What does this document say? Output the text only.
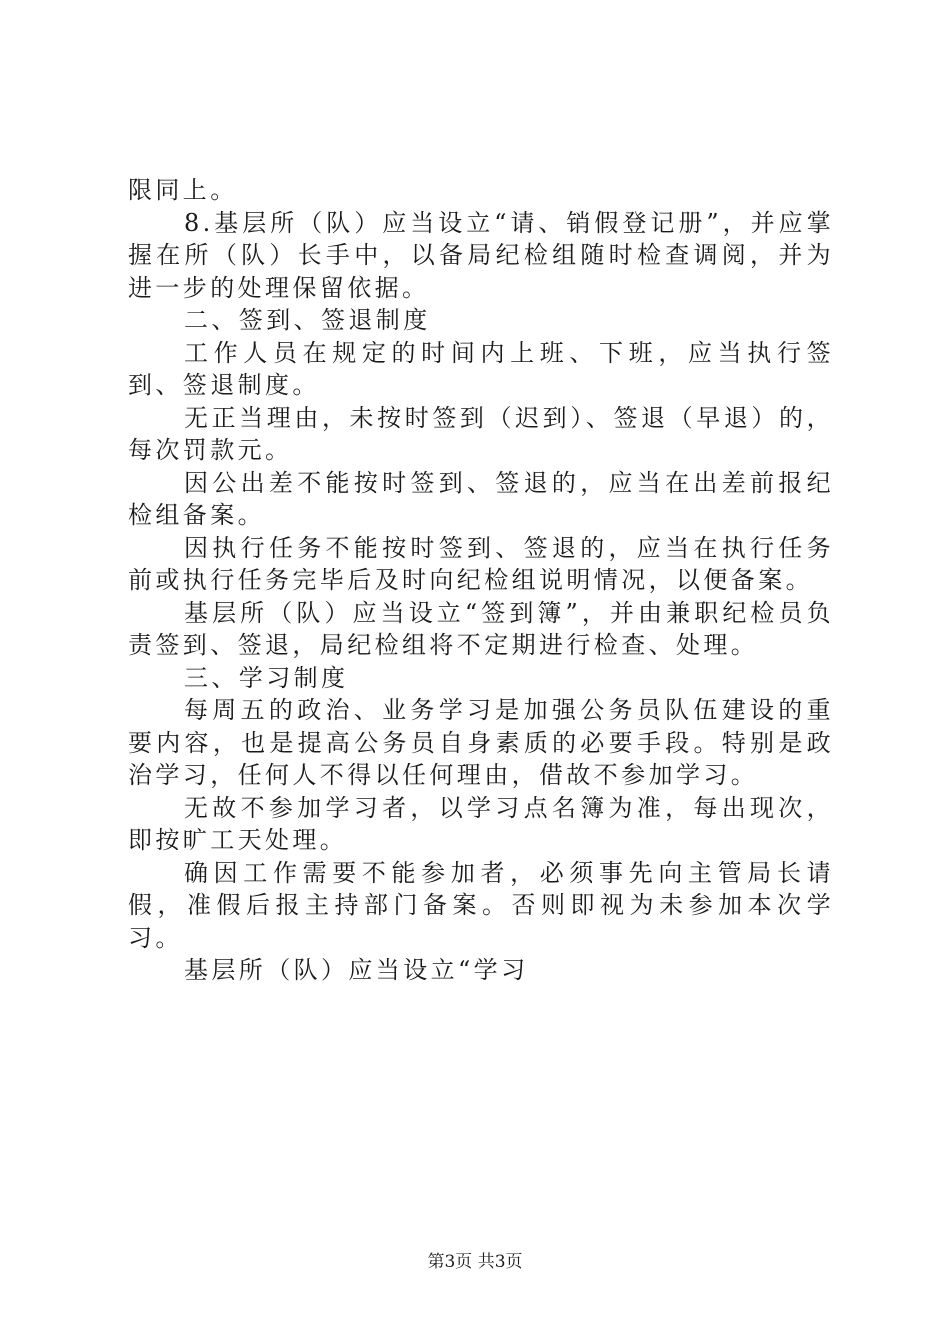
限同上。

8.基层所（队）应当设立“请、销假登记册”，并应掌握在所（队）长手中，以备局纪检组随时检查调阅，并为进一步的处理保留依据。

二、签到、签退制度

工作人员在规定的时间内上班、下班，应当执行签到、签退制度。

无正当理由，未按时签到（迟到）、签退（早退）的，每次罚款元。

因公出差不能按时签到、签退的，应当在出差前报纪检组备案。

因执行任务不能按时签到、签退的，应当在执行任务前或执行任务完毕后及时向纪检组说明情况，以便备案。

基层所（队）应当设立“签到簿”，并由兼职纪检员负责签到、签退，局纪检组将不定期进行检查、处理。

三、学习制度

每周五的政治、业务学习是加强公务员队伍建设的重要内容，也是提高公务员自身素质的必要手段。特别是政治学习，任何人不得以任何理由，借故不参加学习。

无故不参加学习者，以学习点名簿为准，每出现次，即按旷工天处理。

确因工作需要不能参加者，必须事先向主管局长请假，准假后报主持部门备案。否则即视为未参加本次学习。

基层所（队）应当设立“学习

第3页 共3页
